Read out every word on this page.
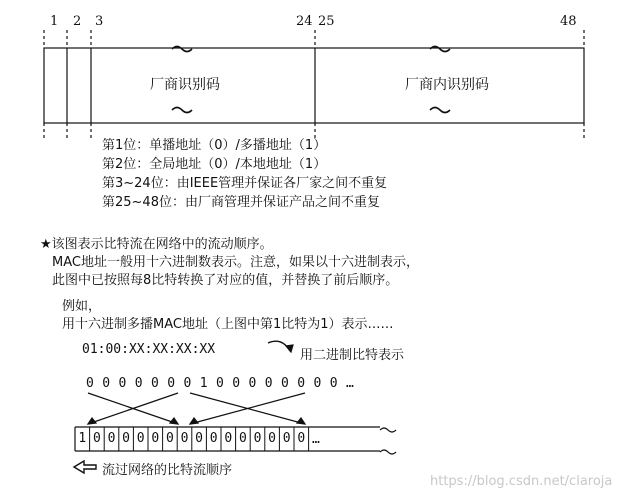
1 2 3	24 25	48
厂商识别码	厂商内识别码
第1位：单播地址（0）/多播地址（1）
第2位：全局地址（0）/本地地址（1）
第3~24位：由IEEE管理并保证各厂家之间不重复
第25~48位：由厂商管理并保证产品之间不重复
★该图表示比特流在网络中的流动顺序。
MAC地址一般用十六进制数表示。注意，如果以十六进制表示，
此图中已按照每8比特转换了对应的值，并替换了前后顺序。
例如，
用十六进制多播MAC地址（上图中第1比特为1）表示……
01:00:XX:XX:XX:XX	用二进制比特表示
0 0 0 0 0 0 0 1 0 0 0 0 0 0 0 0 …
1 0 0 0 0 0 0 0 0 0 0 0 0 0 0 0 …
流过网络的比特流顺序
https://blog.csdn.net/claroja
